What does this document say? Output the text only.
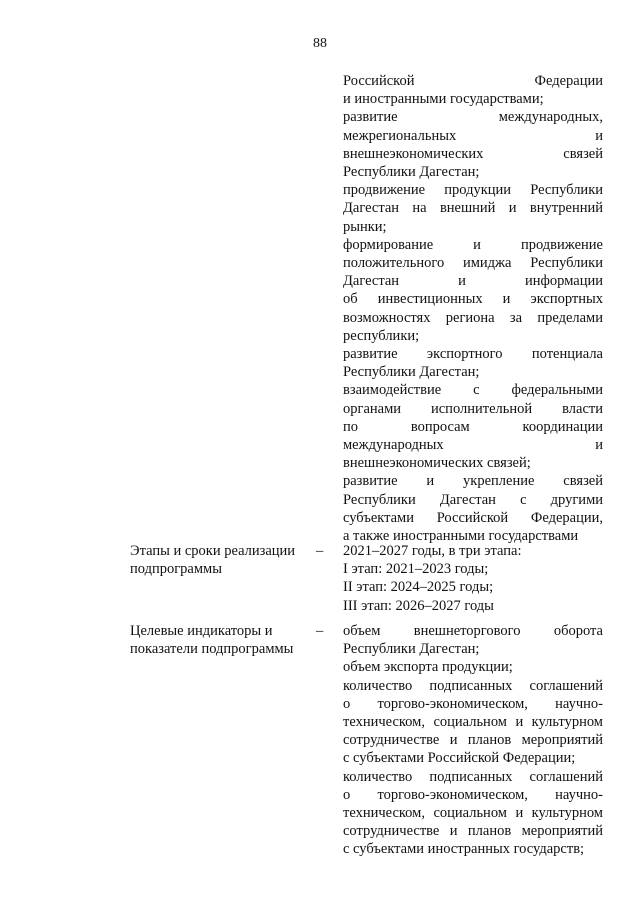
88
Российской Федерации
и иностранными государствами;
развитие международных,
межрегиональных и
внешнеэкономических связей
Республики Дагестан;
продвижение продукции Республики
Дагестан на внешний и внутренний
рынки;
формирование и продвижение
положительного имиджа Республики
Дагестан и информации
об инвестиционных и экспортных
возможностях региона за пределами
республики;
развитие экспортного потенциала
Республики Дагестан;
взаимодействие с федеральными
органами исполнительной власти
по вопросам координации
международных и
внешнеэкономических связей;
развитие и укрепление связей
Республики Дагестан с другими
субъектами Российской Федерации,
а также иностранными государствами
Этапы и сроки реализации
подпрограммы
– 2021–2027 годы, в три этапа:
I этап: 2021–2023 годы;
II этап: 2024–2025 годы;
III этап: 2026–2027 годы
Целевые индикаторы и
показатели подпрограммы
– объем внешнеторгового оборота
Республики Дагестан;
объем экспорта продукции;
количество подписанных соглашений
о торгово-экономическом, научно-
техническом, социальном и культурном
сотрудничестве и планов мероприятий
с субъектами Российской Федерации;
количество подписанных соглашений
о торгово-экономическом, научно-
техническом, социальном и культурном
сотрудничестве и планов мероприятий
с субъектами иностранных государств;
